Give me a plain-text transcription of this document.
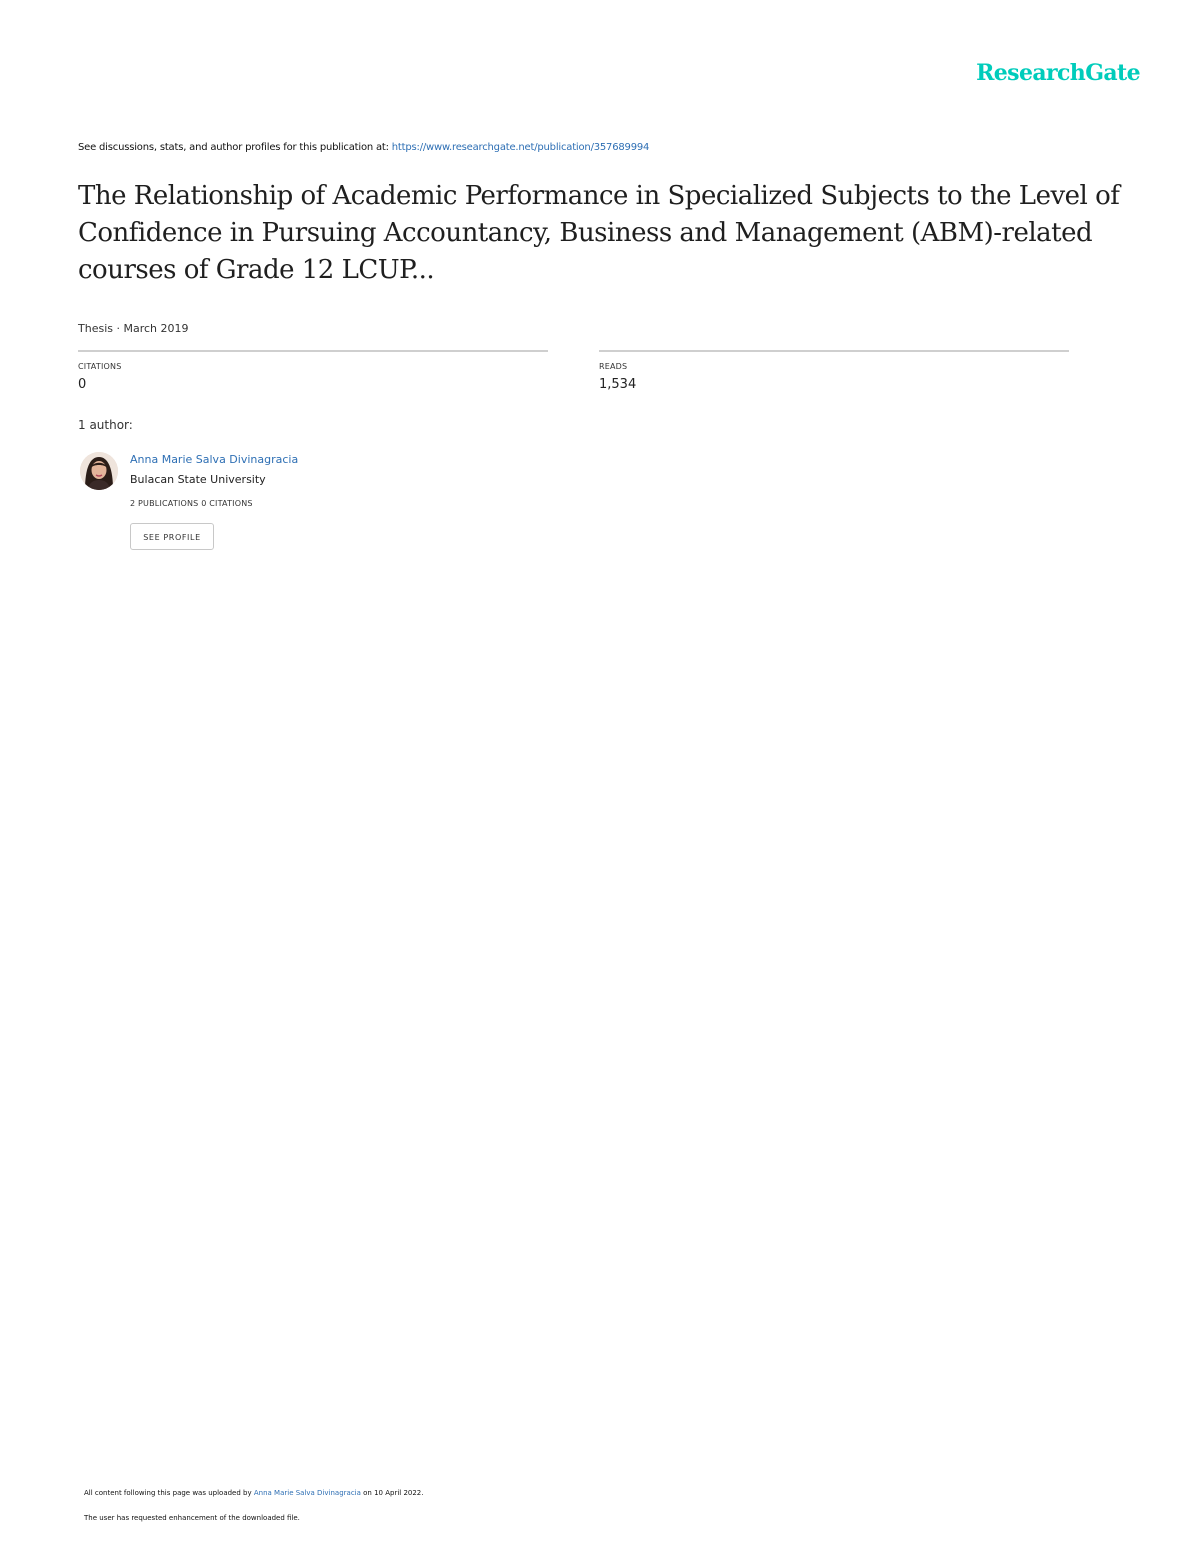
ResearchGate
See discussions, stats, and author profiles for this publication at: https://www.researchgate.net/publication/357689994
The Relationship of Academic Performance in Specialized Subjects to the Level of Confidence in Pursuing Accountancy, Business and Management (ABM)-related courses of Grade 12 LCUP...
Thesis · March 2019
CITATIONS
0
READS
1,534
1 author:
Anna Marie Salva Divinagracia
Bulacan State University
2 PUBLICATIONS 0 CITATIONS
SEE PROFILE
All content following this page was uploaded by Anna Marie Salva Divinagracia on 10 April 2022.
The user has requested enhancement of the downloaded file.
